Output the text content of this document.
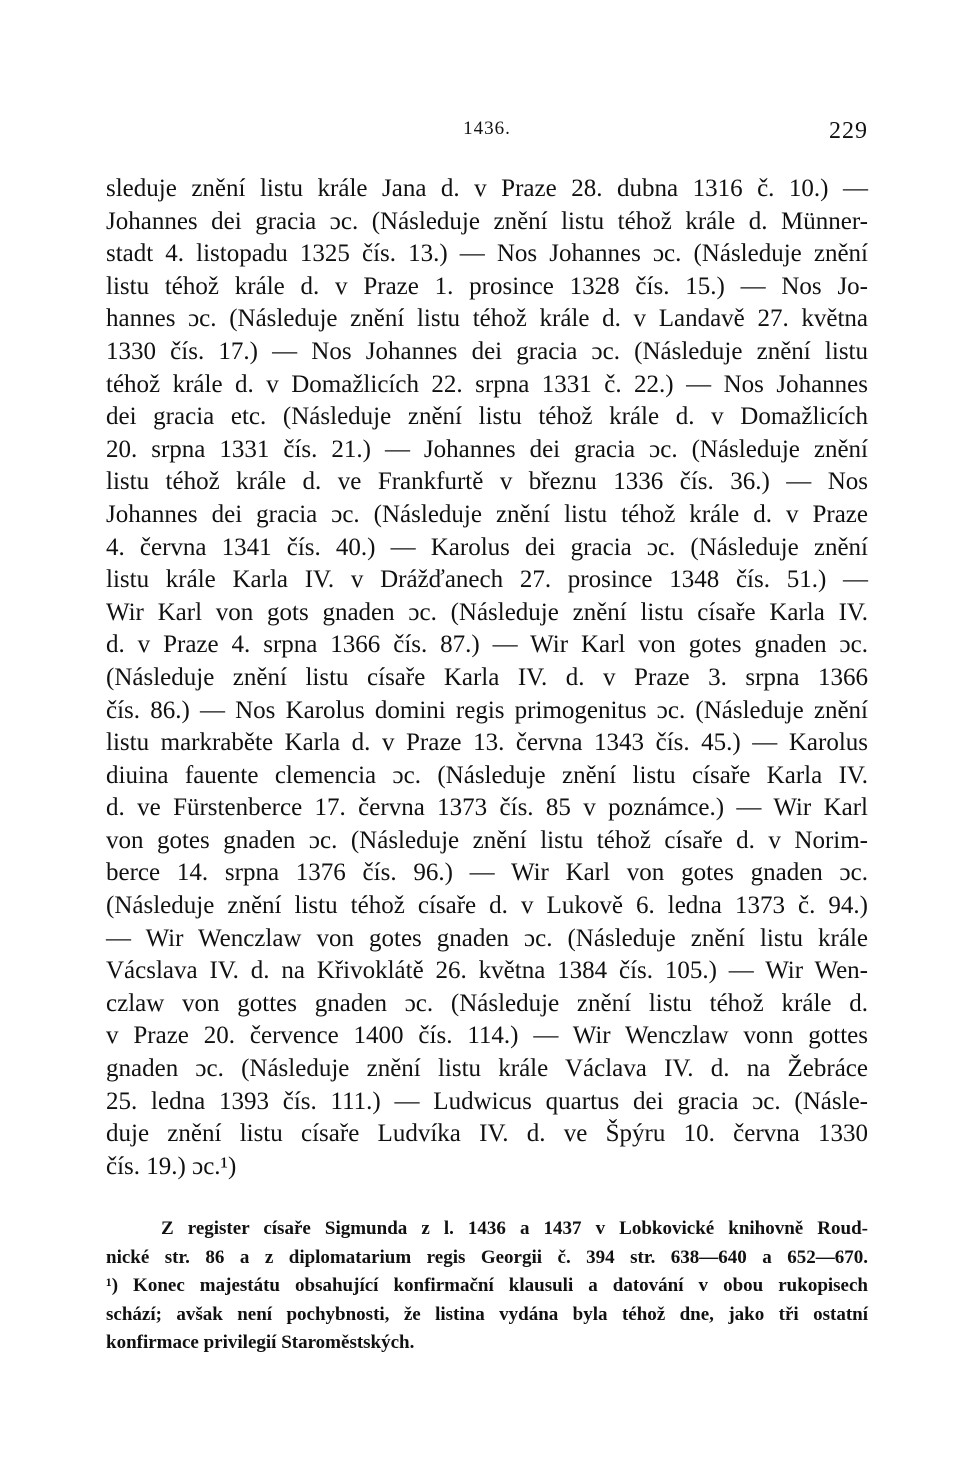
1436.	229
sleduje znění listu krále Jana d. v Praze 28. dubna 1316 č. 10.) —
Johannes dei gracia ɔc. (Následuje znění listu téhož krále d. Münner-
stadt 4. listopadu 1325 čís. 13.) — Nos Johannes ɔc. (Následuje znění
listu téhož krále d. v Praze 1. prosince 1328 čís. 15.) — Nos Jo-
hannes ɔc. (Následuje znění listu téhož krále d. v Landavě 27. května
1330 čís. 17.) — Nos Johannes dei gracia ɔc. (Následuje znění listu
téhož krále d. v Domažlicích 22. srpna 1331 č. 22.) — Nos Johannes
dei gracia etc. (Následuje znění listu téhož krále d. v Domažlicích
20. srpna 1331 čís. 21.) — Johannes dei gracia ɔc. (Následuje znění
listu téhož krále d. ve Frankfurtě v březnu 1336 čís. 36.) — Nos
Johannes dei gracia ɔc. (Následuje znění listu téhož krále d. v Praze
4. června 1341 čís. 40.) — Karolus dei gracia ɔc. (Následuje znění
listu krále Karla IV. v Drážďanech 27. prosince 1348 čís. 51.) —
Wir Karl von gots gnaden ɔc. (Následuje znění listu císaře Karla IV.
d. v Praze 4. srpna 1366 čís. 87.) — Wir Karl von gotes gnaden ɔc.
(Následuje znění listu císaře Karla IV. d. v Praze 3. srpna 1366
čís. 86.) — Nos Karolus domini regis primogenitus ɔc. (Následuje znění
listu markraběte Karla d. v Praze 13. června 1343 čís. 45.) — Karolus
diuina fauente clemencia ɔc. (Následuje znění listu císaře Karla IV.
d. ve Fürstenberce 17. června 1373 čís. 85 v poznámce.) — Wir Karl
von gotes gnaden ɔc. (Následuje znění listu téhož císaře d. v Norim-
berce 14. srpna 1376 čís. 96.) — Wir Karl von gotes gnaden ɔc.
(Následuje znění listu téhož císaře d. v Lukově 6. ledna 1373 č. 94.)
— Wir Wenczlaw von gotes gnaden ɔc. (Následuje znění listu krále
Vácslava IV. d. na Křivoklátě 26. května 1384 čís. 105.) — Wir Wen-
czlaw von gottes gnaden ɔc. (Následuje znění listu téhož krále d.
v Praze 20. července 1400 čís. 114.) — Wir Wenczlaw vonn gottes
gnaden ɔc. (Následuje znění listu krále Václava IV. d. na Žebráce
25. ledna 1393 čís. 111.) — Ludwicus quartus dei gracia ɔc. (Násle-
duje znění listu císaře Ludvíka IV. d. ve Špýru 10. června 1330
čís. 19.) ɔc.¹)
Z register císaře Sigmunda z l. 1436 a 1437 v Lobkovické knihovně Roud-
nické str. 86 a z diplomatarium regis Georgii č. 394 str. 638—640 a 652—670.
¹) Konec majestátu obsahující konfirmační klausuli a datování v obou rukopisech
schází; avšak není pochybnosti, že listina vydána byla téhož dne, jako tři ostatní
konfirmace privilegií Staroměstských.
